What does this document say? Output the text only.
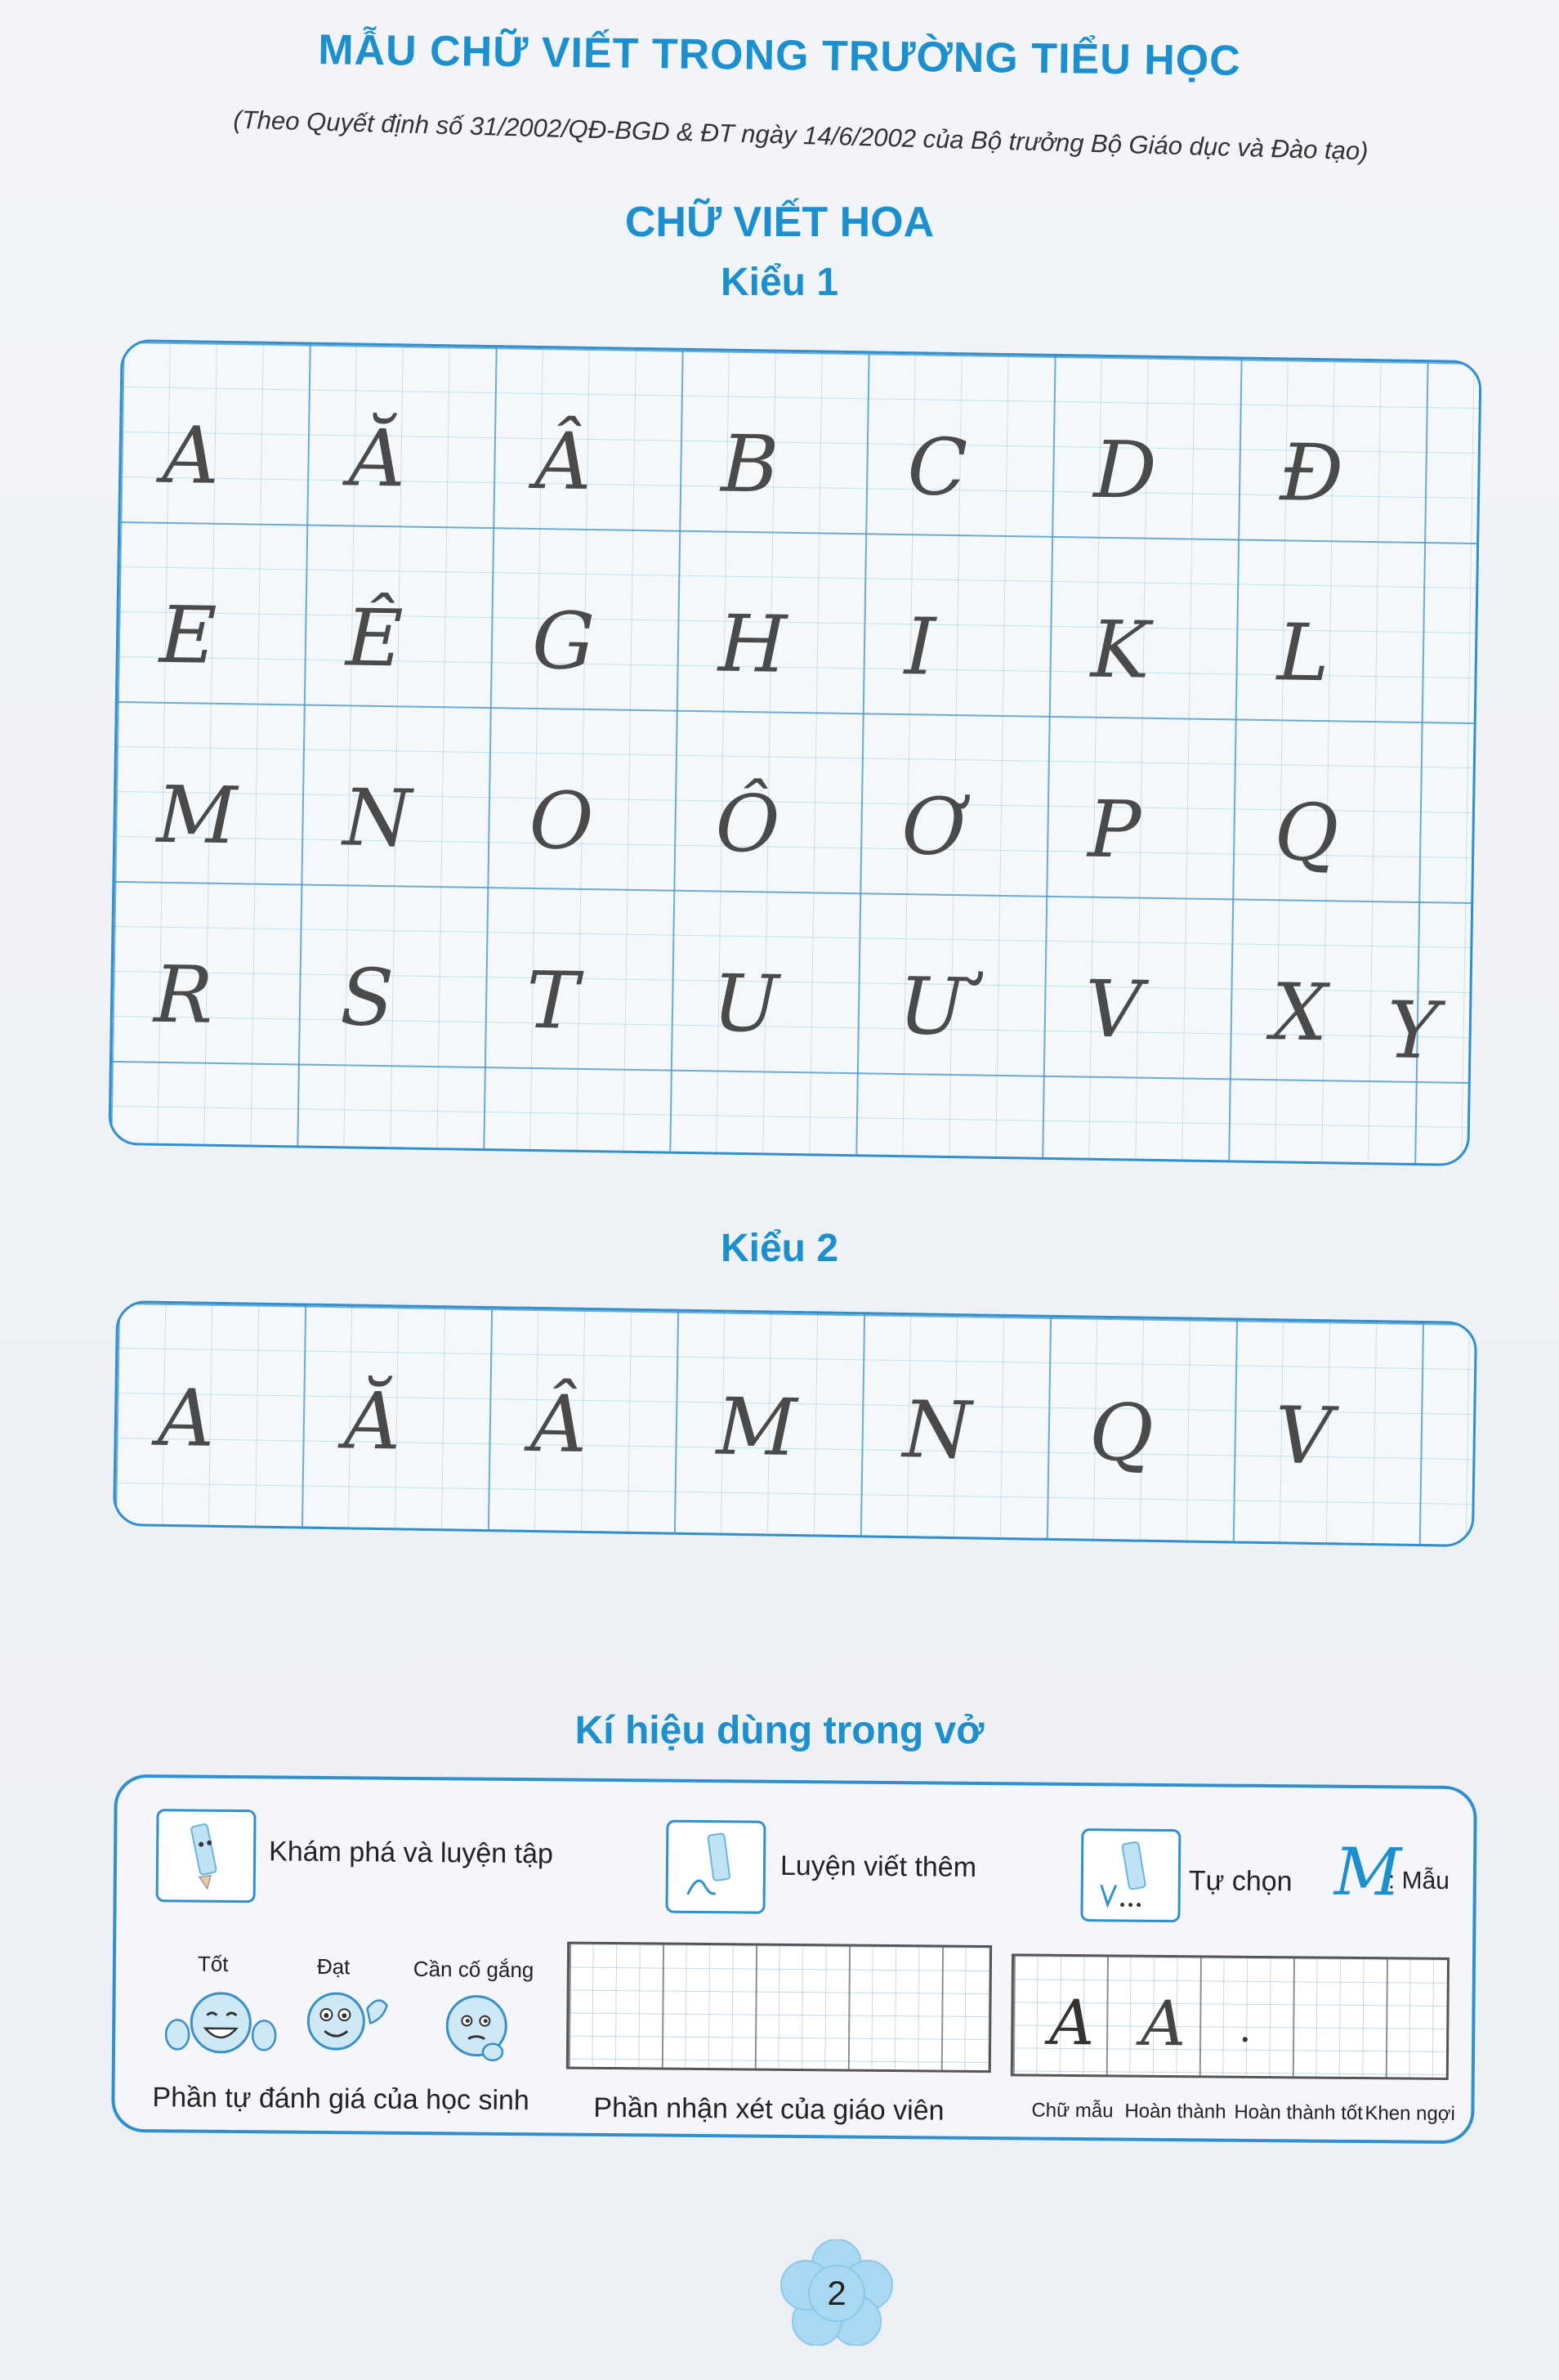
MẪU CHỮ VIẾT TRONG TRƯỜNG TIỂU HỌC
(Theo Quyết định số 31/2002/QĐ-BGD & ĐT ngày 14/6/2002 của Bộ trưởng Bộ Giáo dục và Đào tạo)
CHỮ VIẾT HOA
Kiểu 1
A	Ă	Â	B	C	D	Đ
E	Ê	G	H	I	K	L
M	N	O	Ô	Ơ	P	Q
R	S	T	U	Ư	V	X Y
Kiểu 2
A	Ă	Â	M	N	Q	V
Kí hiệu dùng trong vở
Khám phá và luyện tập	Luyện viết thêm	Tự chọn M
: Mẫu
Tốt	Đạt	Cần cố gắng
Phần tự đánh giá của học sinh Phần nhận xét của giáo viên
A A .
Chữ mẫu Hoàn thành Hoàn thành tốt Khen ngợi
2
